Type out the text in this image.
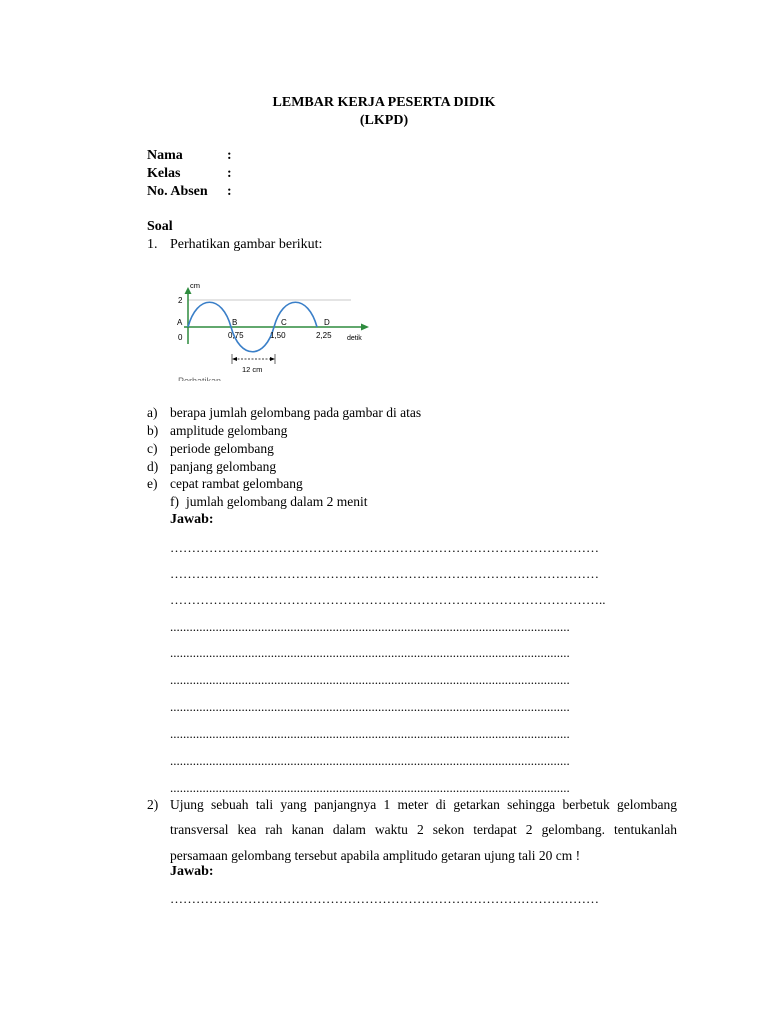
LEMBAR KERJA PESERTA DIDIK
(LKPD)
Nama	:
Kelas	:
No. Absen :
Soal
1. Perhatikan gambar berikut:
cm
2
A
0
B	C	D
0,75	1,50	2,25 detik
12 cm
a) berapa jumlah gelombang pada gambar di atas
b) amplitude gelombang
c) periode gelombang
d) panjang gelombang
e) cepat rambat gelombang
f) jumlah gelombang dalam 2 menit
Jawab:
………………………………………………………………………………………
………………………………………………………………………………………
………………………………………………………………………………………..
...........................................................................................................................
...........................................................................................................................
...........................................................................................................................
...........................................................................................................................
...........................................................................................................................
...........................................................................................................................
...........................................................................................................................
2) Ujung sebuah tali yang panjangnya 1 meter di getarkan sehingga berbetuk gelombang
transversal kea rah kanan dalam waktu 2 sekon terdapat 2 gelombang. tentukanlah
persamaan gelombang tersebut apabila amplitudo getaran ujung tali 20 cm !
Jawab:
………………………………………………………………………………………
